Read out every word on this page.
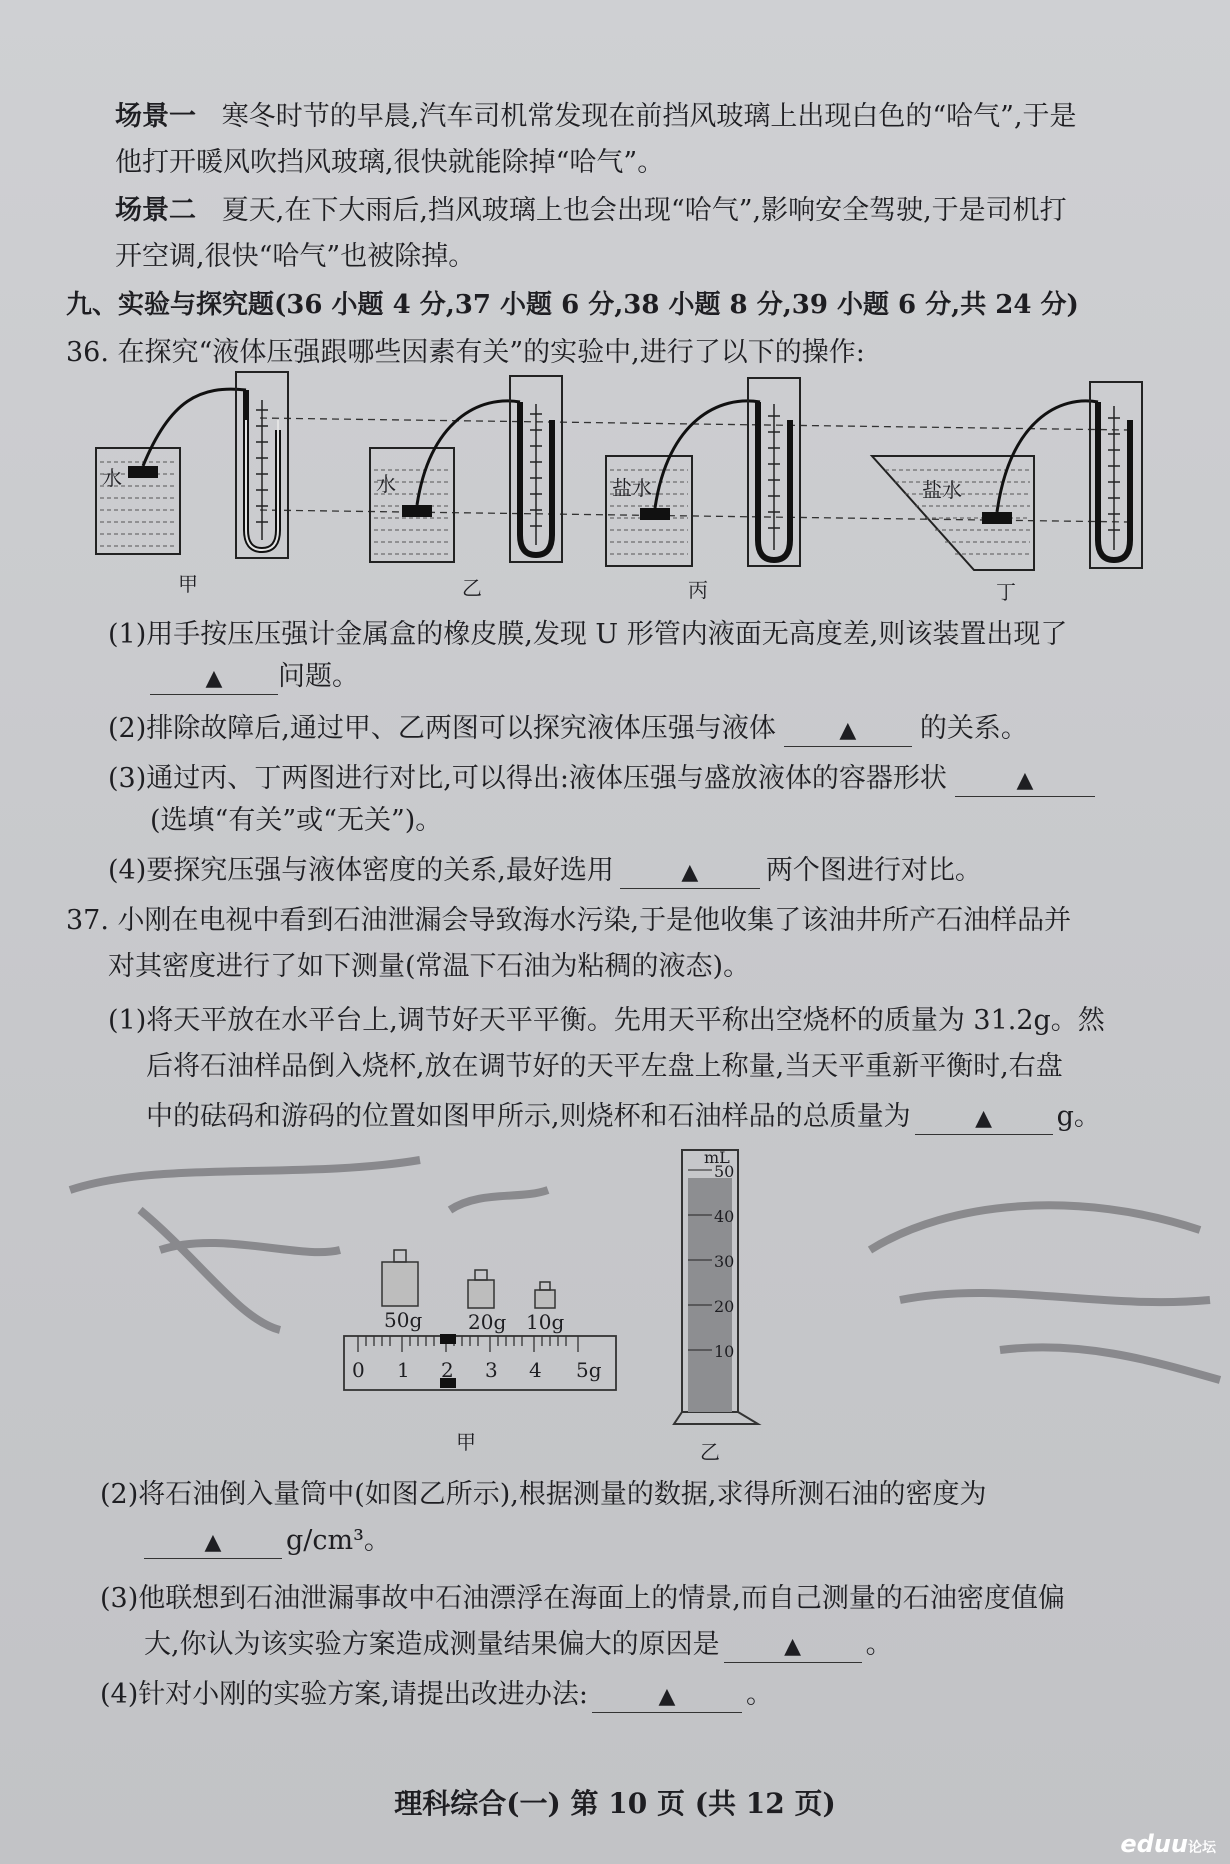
场景一 寒冬时节的早晨,汽车司机常发现在前挡风玻璃上出现白色的“哈气”,于是
他打开暖风吹挡风玻璃,很快就能除掉“哈气”。
场景二 夏天,在下大雨后,挡风玻璃上也会出现“哈气”,影响安全驾驶,于是司机打
开空调,很快“哈气”也被除掉。
九、实验与探究题(36 小题 4 分,37 小题 6 分,38 小题 8 分,39 小题 6 分,共 24 分)
36. 在探究“液体压强跟哪些因素有关”的实验中,进行了以下的操作:
甲	乙	丙	丁
水	水	盐水	盐水
(1)用手按压压强计金属盒的橡皮膜,发现 U 形管内液面无高度差,则该装置出现了
▲ 问题。
(2)排除故障后,通过甲、乙两图可以探究液体压强与液体	▲ 的关系。
(3)通过丙、丁两图进行对比,可以得出:液体压强与盛放液体的容器形状	▲
(选填“有关”或“无关”)。
(4)要探究压强与液体密度的关系,最好选用	▲	两个图进行对比。
37. 小刚在电视中看到石油泄漏会导致海水污染,于是他收集了该油井所产石油样品并
对其密度进行了如下测量(常温下石油为粘稠的液态)。
(1)将天平放在水平台上,调节好天平平衡。先用天平称出空烧杯的质量为 31.2g。然
后将石油样品倒入烧杯,放在调节好的天平左盘上称量,当天平重新平衡时,右盘
中的砝码和游码的位置如图甲所示,则烧杯和石油样品的总质量为	▲ g。
50g 20g 10g
0 1 2 3 4 5g
甲
mL
50
40
30
20
10
乙
(2)将石油倒入量筒中(如图乙所示),根据测量的数据,求得所测石油的密度为
▲ g/cm³。
(3)他联想到石油泄漏事故中石油漂浮在海面上的情景,而自己测量的石油密度值偏
大,你认为该实验方案造成测量结果偏大的原因是	▲ 。
(4)针对小刚的实验方案,请提出改进办法:	▲	。
理科综合(一) 第 10 页 (共 12 页)
eduu论坛
